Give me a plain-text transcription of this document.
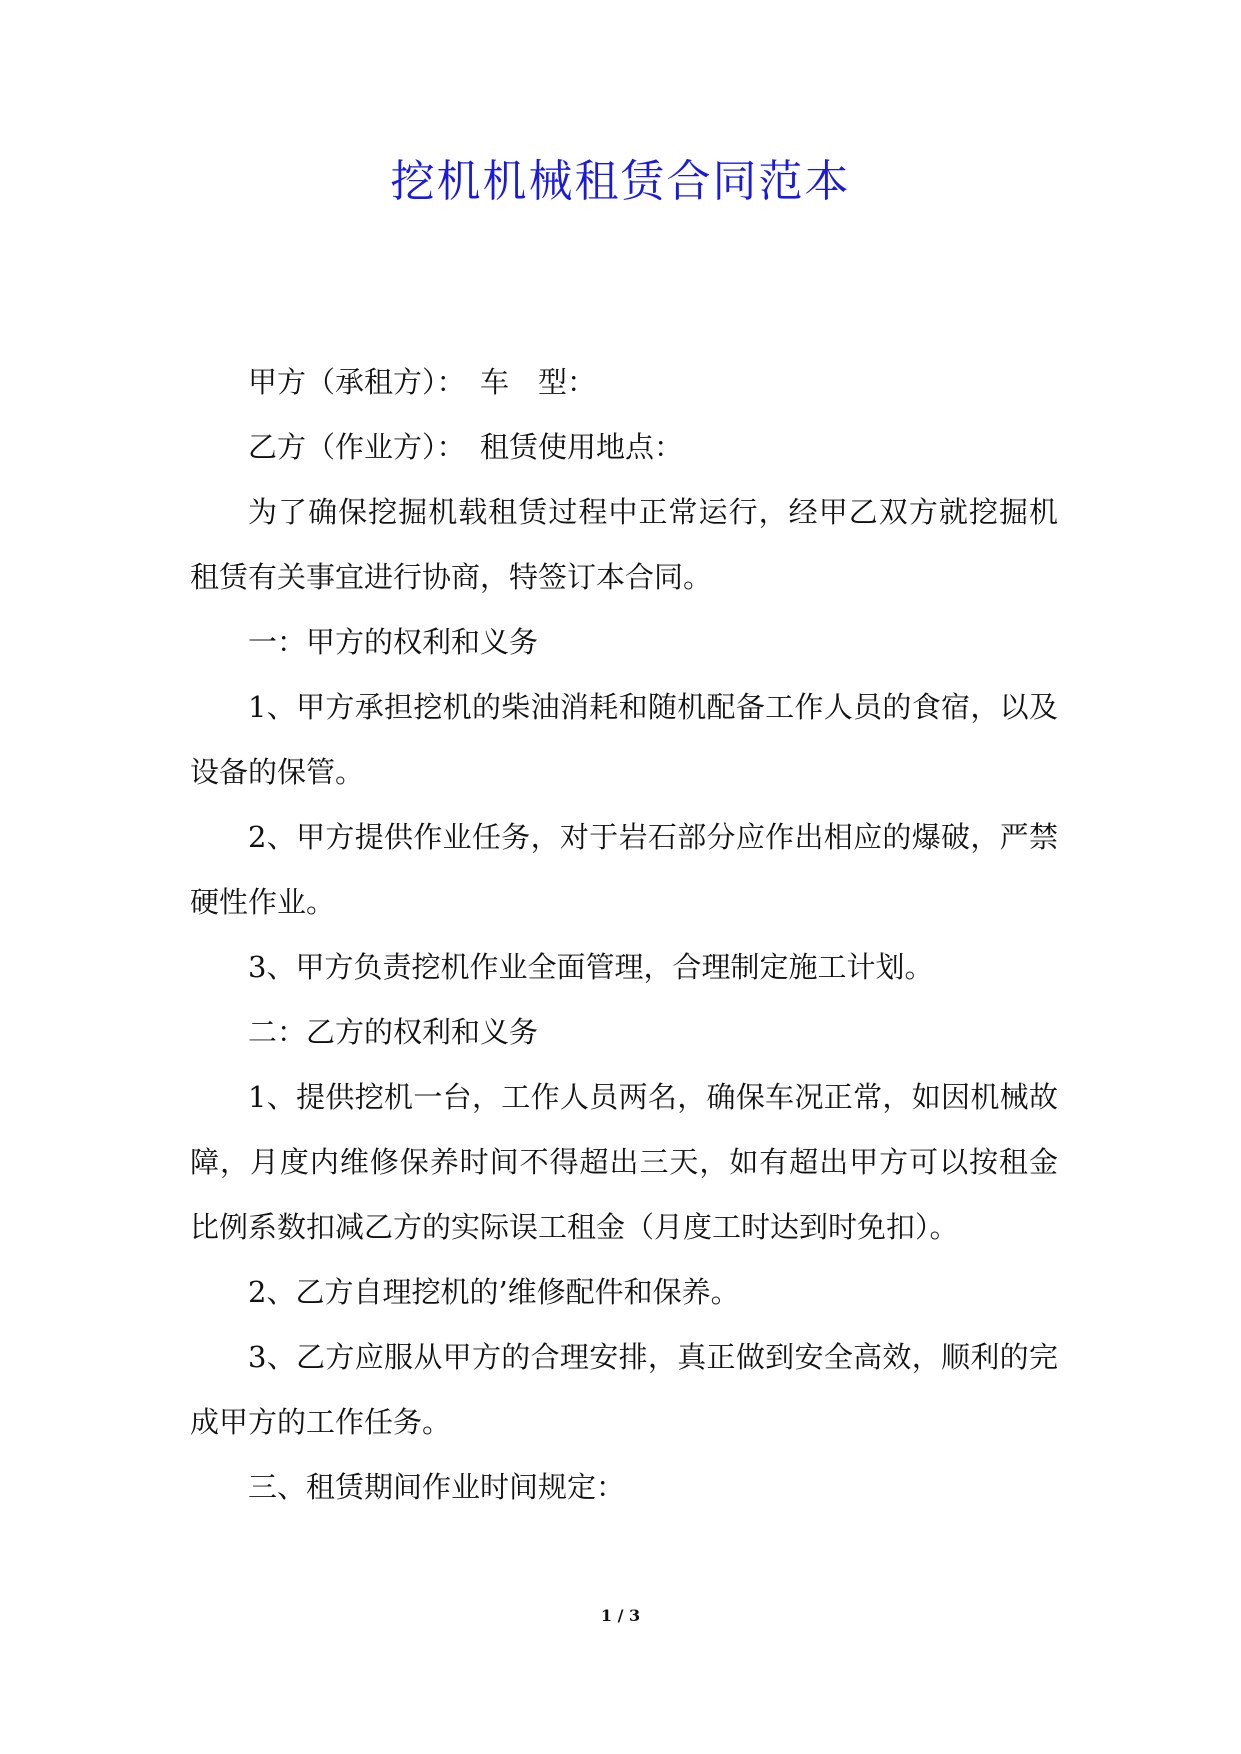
挖机机械租赁合同范本

甲方（承租方）：　车　型：

乙方（作业方）：　租赁使用地点：

为了确保挖掘机载租赁过程中正常运行，经甲乙双方就挖掘机租赁有关事宜进行协商，特签订本合同。

一：甲方的权利和义务

1、甲方承担挖机的柴油消耗和随机配备工作人员的食宿，以及设备的保管。

2、甲方提供作业任务，对于岩石部分应作出相应的爆破，严禁硬性作业。

3、甲方负责挖机作业全面管理，合理制定施工计划。

二：乙方的权利和义务

1、提供挖机一台，工作人员两名，确保车况正常，如因机械故障，月度内维修保养时间不得超出三天，如有超出甲方可以按租金比例系数扣减乙方的实际误工租金（月度工时达到时免扣）。

2、乙方自理挖机的’维修配件和保养。

3、乙方应服从甲方的合理安排，真正做到安全高效，顺利的完成甲方的工作任务。

三、租赁期间作业时间规定：

1 / 3
